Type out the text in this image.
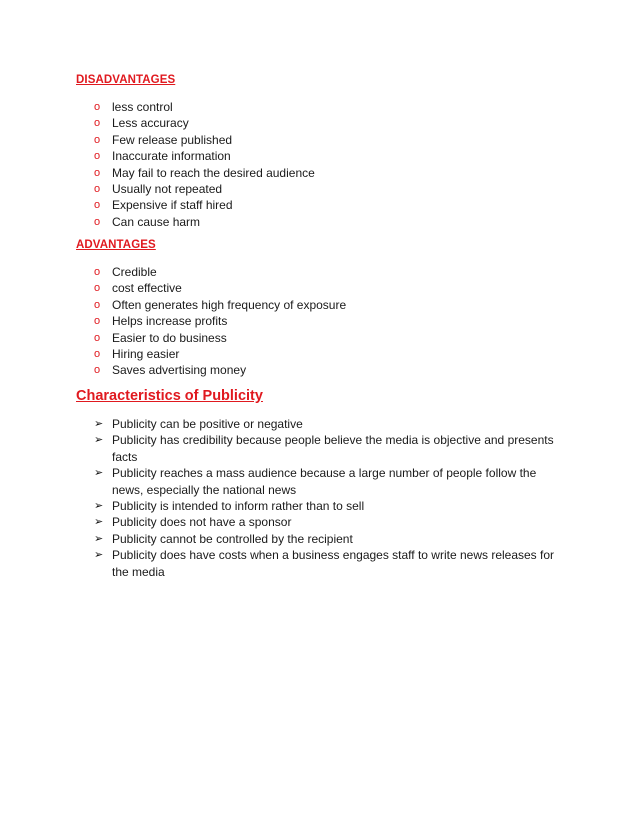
DISADVANTAGES
o less control
o Less accuracy
o Few release published
o Inaccurate information
o May fail to reach the desired audience
o Usually not repeated
o Expensive if staff hired
o Can cause harm
ADVANTAGES
o Credible
o cost effective
o Often generates high frequency of exposure
o Helps increase profits
o Easier to do business
o Hiring easier
o Saves advertising money
Characteristics of Publicity
➢ Publicity can be positive or negative
➢ Publicity has credibility because people believe the media is objective and presents facts
➢ Publicity reaches a mass audience because a large number of people follow the news, especially the national news
➢ Publicity is intended to inform rather than to sell
➢ Publicity does not have a sponsor
➢ Publicity cannot be controlled by the recipient
➢ Publicity does have costs when a business engages staff to write news releases for the media
